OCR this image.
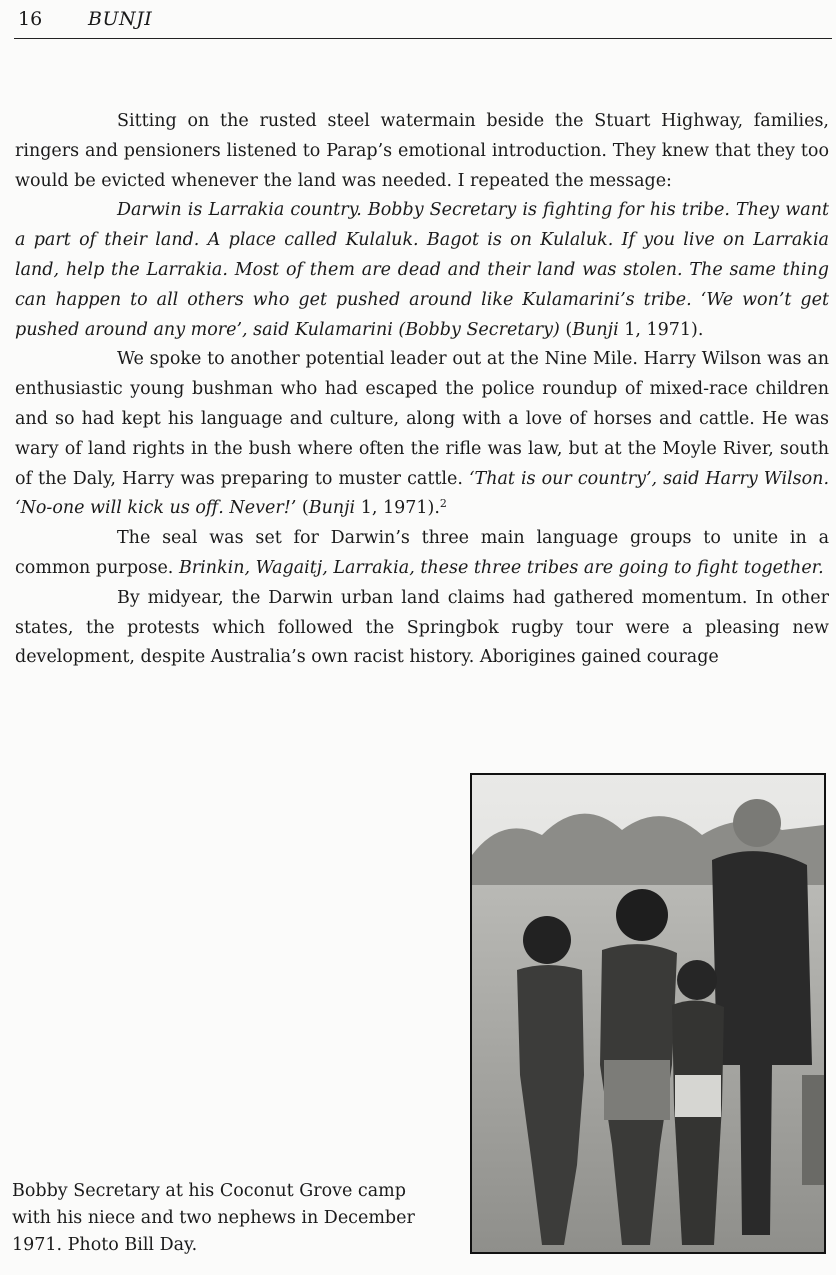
16 BUNJI

Sitting on the rusted steel watermain beside the Stuart Highway, families, ringers and pensioners listened to Parap’s emotional introduction. They knew that they too would be evicted whenever the land was needed. I repeated the message:

Darwin is Larrakia country. Bobby Secretary is fighting for his tribe. They want a part of their land. A place called Kulaluk. Bagot is on Kulaluk. If you live on Larrakia land, help the Larrakia. Most of them are dead and their land was stolen. The same thing can happen to all others who get pushed around like Kulamarini’s tribe. ‘We won’t get pushed around any more’, said Kulamarini (Bobby Secretary) (Bunji 1, 1971).

We spoke to another potential leader out at the Nine Mile. Harry Wilson was an enthusiastic young bushman who had escaped the police roundup of mixed-race children and so had kept his language and culture, along with a love of horses and cattle. He was wary of land rights in the bush where often the rifle was law, but at the Moyle River, south of the Daly, Harry was preparing to muster cattle. ‘That is our country’, said Harry Wilson. ‘No-one will kick us off. Never!’ (Bunji 1, 1971).$^2$

The seal was set for Darwin’s three main language groups to unite in a common purpose. Brinkin, Wagaitj, Larrakia, these three tribes are going to fight together.

By midyear, the Darwin urban land claims had gathered momentum. In other states, the protests which followed the Springbok rugby tour were a pleasing new development, despite Australia’s own racist history. Aborigines gained courage

Bobby Secretary at his Coconut Grove camp with his niece and two nephews in December 1971. Photo Bill Day.
